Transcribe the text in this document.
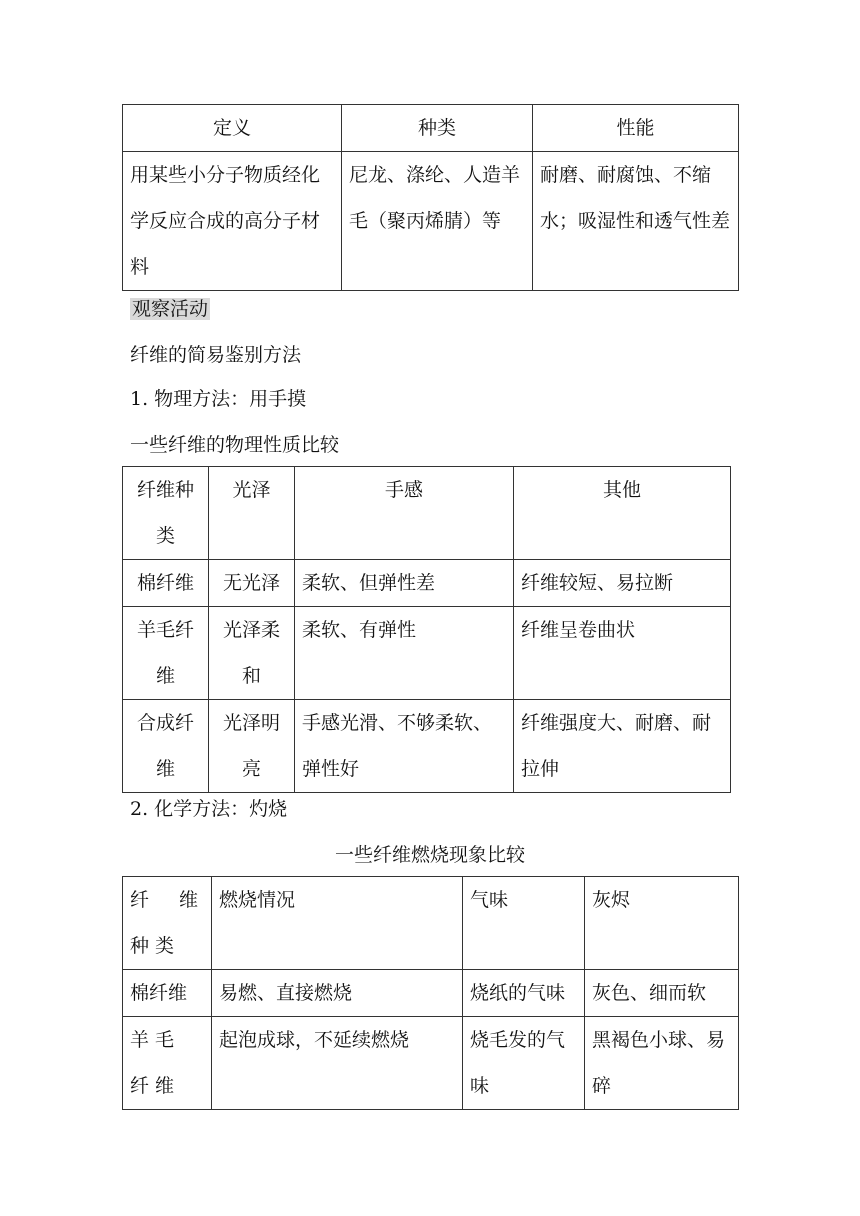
定义	种类	性能
用某些小分子物质经化学反应合成的高分子材料	尼龙、涤纶、人造羊毛（聚丙烯腈）等	耐磨、耐腐蚀、不缩水；吸湿性和透气性差
观察活动
纤维的简易鉴别方法
1. 物理方法：用手摸
一些纤维的物理性质比较
纤维种类	光泽	手感	其他
棉纤维	无光泽	柔软、但弹性差	纤维较短、易拉断
羊毛纤维	光泽柔和	柔软、有弹性	纤维呈卷曲状
合成纤维	光泽明亮	手感光滑、不够柔软、弹性好	纤维强度大、耐磨、耐拉伸
2. 化学方法：灼烧
一些纤维燃烧现象比较
纤维种类	燃烧情况	气味	灰烬
棉纤维	易燃、直接燃烧	烧纸的气味	灰色、细而软
羊毛纤维	起泡成球，不延续燃烧	烧毛发的气味	黑褐色小球、易碎
